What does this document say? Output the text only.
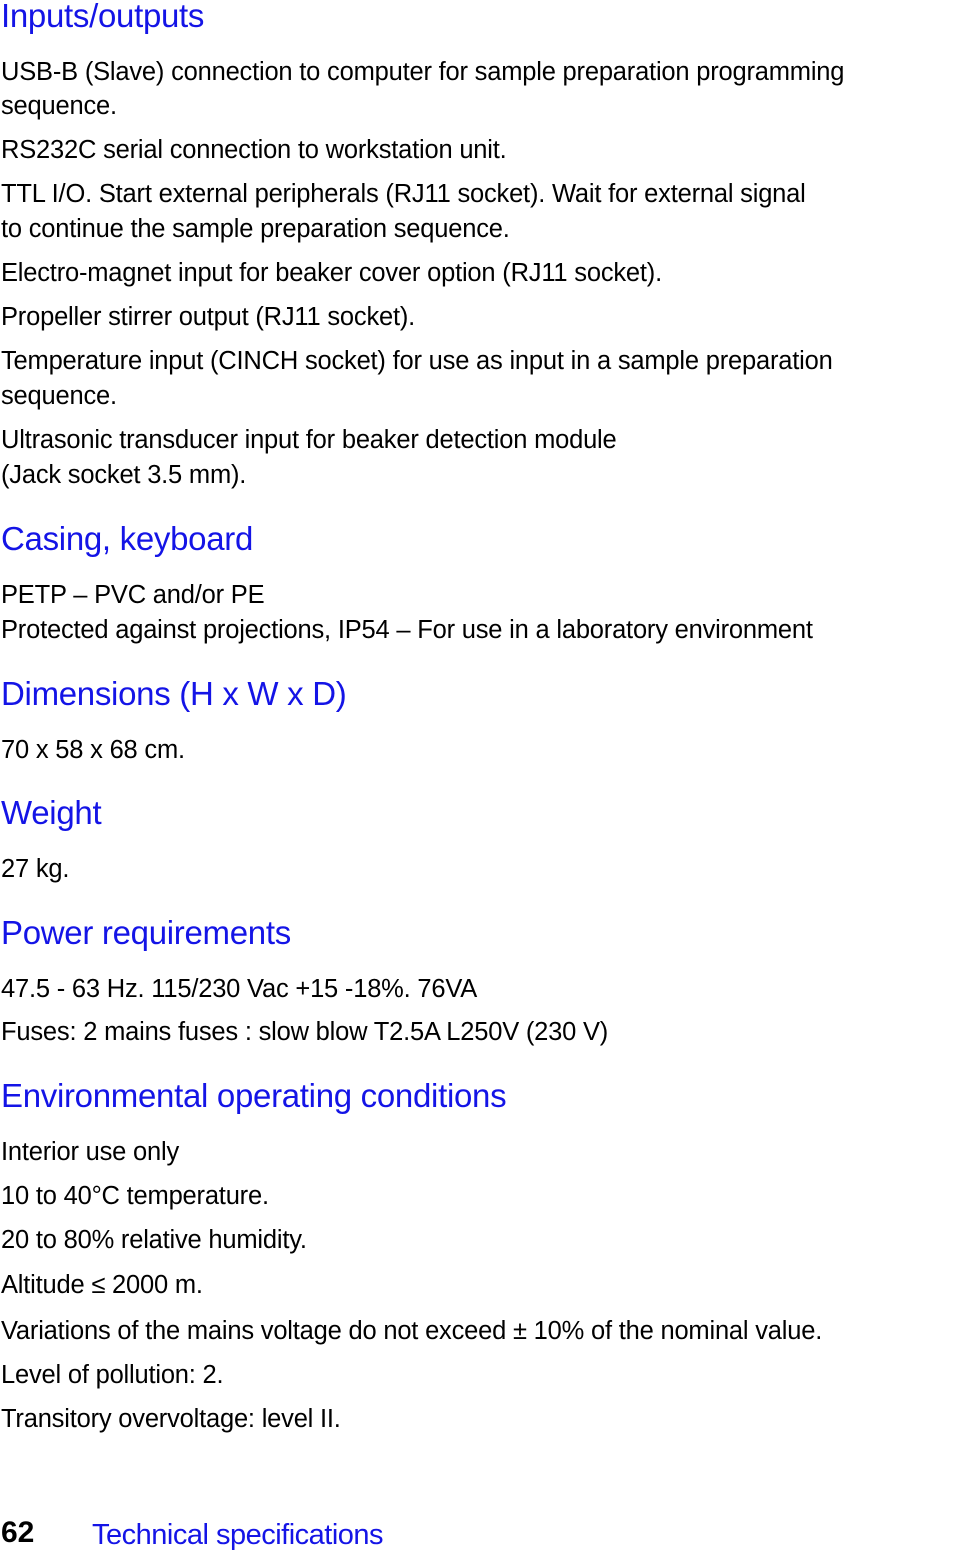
Inputs/outputs

USB-B (Slave) connection to computer for sample preparation programming

sequence.

RS232C serial connection to workstation unit.

TTL I/O. Start external peripherals (RJ11 socket). Wait for external signal

to continue the sample preparation sequence.

Electro-magnet input for beaker cover option (RJ11 socket).

Propeller stirrer output (RJ11 socket).

Temperature input (CINCH socket) for use as input in a sample preparation

sequence.

Ultrasonic transducer input for beaker detection module

(Jack socket 3.5 mm).

Casing, keyboard

PETP – PVC and/or PE

Protected against projections, IP54 – For use in a laboratory environment

Dimensions (H x W x D)

70 x 58 x 68 cm.

Weight

27 kg.

Power requirements

47.5 - 63 Hz. 115/230 Vac +15 -18%. 76VA

Fuses: 2 mains fuses : slow blow T2.5A L250V (230 V)

Environmental operating conditions

Interior use only

10 to 40°C temperature.

20 to 80% relative humidity.

Altitude ≤ 2000 m.

Variations of the mains voltage do not exceed ± 10% of the nominal value.

Level of pollution: 2.

Transitory overvoltage: level II.

62 Technical specifications
